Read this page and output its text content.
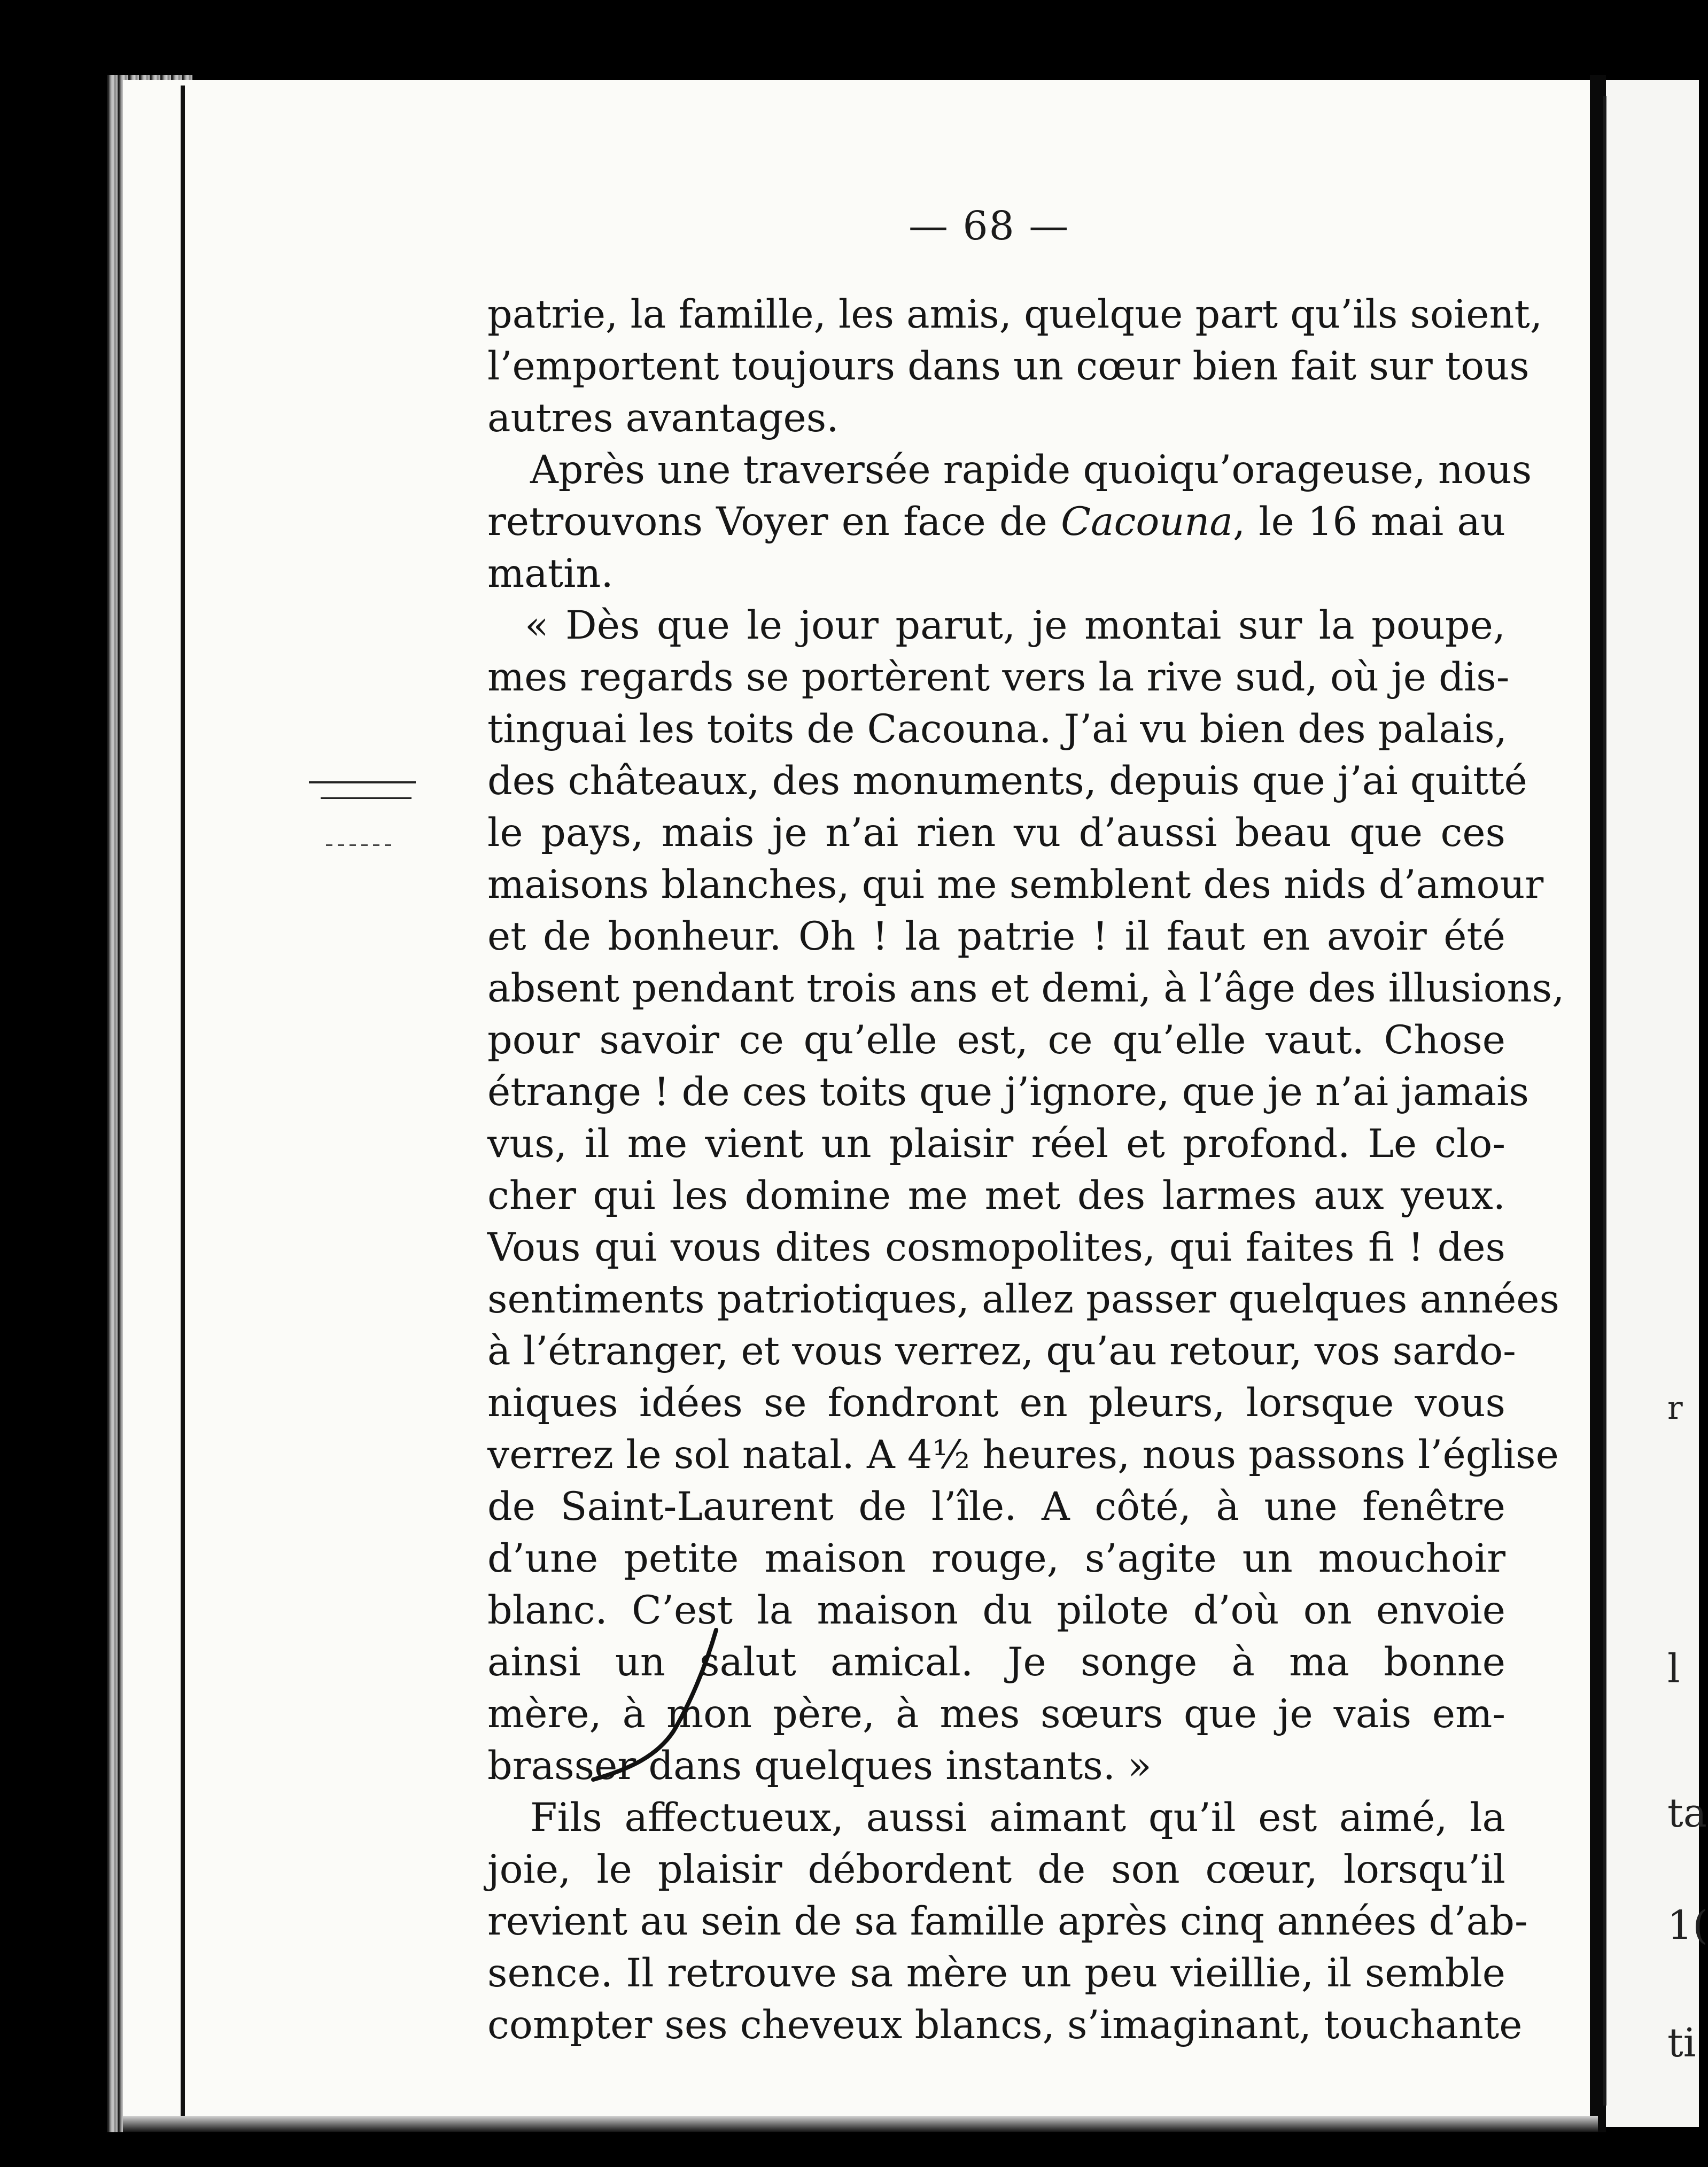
— 68 —
patrie, la famille, les amis, quelque part qu’ils soient,
l’emportent toujours dans un cœur bien fait sur tous
autres avantages.
Après une traversée rapide quoiqu’orageuse, nous
retrouvons Voyer en face de Cacouna, le 16 mai au
matin.
« Dès que le jour parut, je montai sur la poupe,
mes regards se portèrent vers la rive sud, où je dis-
tinguai les toits de Cacouna. J’ai vu bien des palais,
des châteaux, des monuments, depuis que j’ai quitté
le pays, mais je n’ai rien vu d’aussi beau que ces
maisons blanches, qui me semblent des nids d’amour
et de bonheur. Oh ! la patrie ! il faut en avoir été
absent pendant trois ans et demi, à l’âge des illusions,
pour savoir ce qu’elle est, ce qu’elle vaut. Chose
étrange ! de ces toits que j’ignore, que je n’ai jamais
vus, il me vient un plaisir réel et profond. Le clo-
cher qui les domine me met des larmes aux yeux.
Vous qui vous dites cosmopolites, qui faites fi ! des
sentiments patriotiques, allez passer quelques années
à l’étranger, et vous verrez, qu’au retour, vos sardo-
niques idées se fondront en pleurs, lorsque vous
verrez le sol natal. A 4½ heures, nous passons l’église
de Saint-Laurent de l’île. A côté, à une fenêtre
d’une petite maison rouge, s’agite un mouchoir
blanc. C’est la maison du pilote d’où on envoie
ainsi un salut amical. Je songe à ma bonne
mère, à mon père, à mes sœurs que je vais em-
brasser dans quelques instants. »
Fils affectueux, aussi aimant qu’il est aimé, la
joie, le plaisir débordent de son cœur, lorsqu’il
revient au sein de sa famille après cinq années d’ab-
sence. Il retrouve sa mère un peu vieillie, il semble
compter ses cheveux blancs, s’imaginant, touchante
r
l
ta
1(
ti
